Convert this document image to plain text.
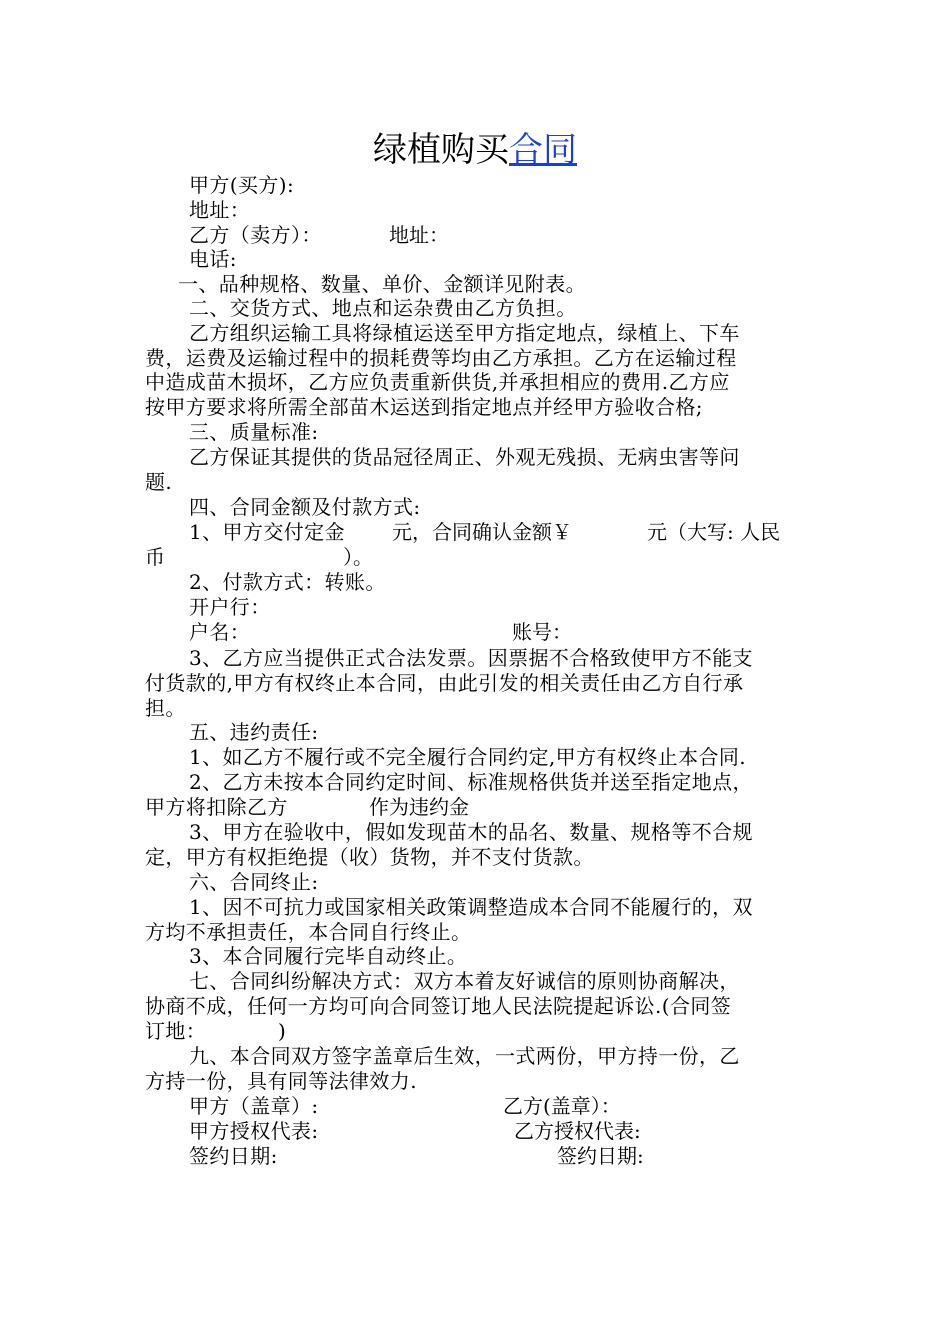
绿植购买合同
甲方(买方):
地址：
乙方（卖方）：	地址：
电话:
一、品种规格、数量、单价、金额详见附表。
二、交货方式、地点和运杂费由乙方负担。
乙方组织运输工具将绿植运送至甲方指定地点，绿植上、下车
费，运费及运输过程中的损耗费等均由乙方承担。乙方在运输过程
中造成苗木损坏，乙方应负责重新供货,并承担相应的费用.乙方应
按甲方要求将所需全部苗木运送到指定地点并经甲方验收合格;
三、质量标准:
乙方保证其提供的货品冠径周正、外观无残损、无病虫害等问
题.
四、合同金额及付款方式:
1、甲方交付定金	元，合同确认金额￥	元（大写: 人民
币	）。
2、付款方式：转账。
开户行：
户名：	账号：
3、乙方应当提供正式合法发票。因票据不合格致使甲方不能支
付货款的,甲方有权终止本合同，由此引发的相关责任由乙方自行承
担。
五、违约责任:
1、如乙方不履行或不完全履行合同约定,甲方有权终止本合同.
2、乙方未按本合同约定时间、标准规格供货并送至指定地点，
甲方将扣除乙方	作为违约金
3、甲方在验收中，假如发现苗木的品名、数量、规格等不合规
定，甲方有权拒绝提（收）货物，并不支付货款。
六、合同终止:
1、因不可抗力或国家相关政策调整造成本合同不能履行的，双
方均不承担责任，本合同自行终止。
3、本合同履行完毕自动终止。
七、合同纠纷解决方式：双方本着友好诚信的原则协商解决，
协商不成，任何一方均可向合同签订地人民法院提起诉讼.(合同签
订地：	)
九、本合同双方签字盖章后生效，一式两份，甲方持一份，乙
方持一份，具有同等法律效力.
甲方（盖章）:	乙方(盖章）：
甲方授权代表:	乙方授权代表:
签约日期:	签约日期:
